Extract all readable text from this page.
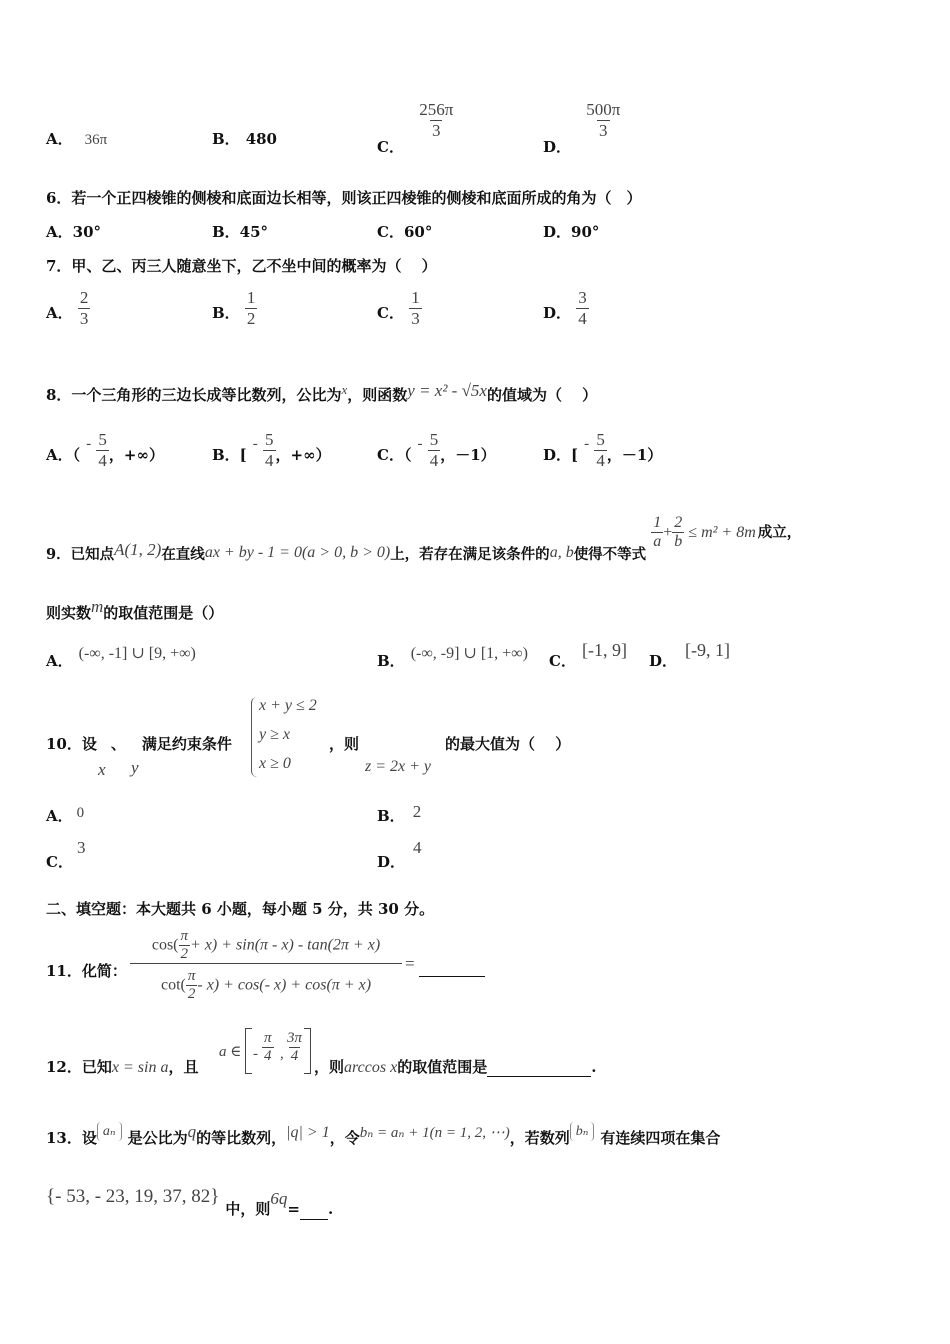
A． 36π	B． 480	C．
$\frac{256\pi}{3}$
D．
$\frac{500\pi}{3}$
6．若一个正四棱锥的侧棱和底面边长相等，则该正四棱锥的侧棱和底面所成的角为（　）
A．30°	B．45°	C．60°	D．90°
7．甲、乙、丙三人随意坐下，乙不坐中间的概率为（　 ）
A． $\frac{2}{3}$	B． $\frac{1}{2}$	C． $\frac{1}{3}$	D． $\frac{3}{4}$
8．一个三角形的三边长成等比数列，公比为x，则函数y = x² - √5x的值域为（　 ）
A．（- $\frac{5}{4}$ ，+∞）	B．[- $\frac{5}{4}$ ，+∞）	C．（- $\frac{5}{4}$ ，－1）	D．[- $\frac{5}{4}$ ，－1）
9．已知点A(1, 2)在直线ax + by - 1 = 0(a > 0, b > 0)上，若存在满足该条件的a, b使得不等式
$\frac{1}{a} + \frac{2}{b} \le m^2 + 8m$ 成立，
则实数m的取值范围是（）
A． (-∞, -1] ∪ [9, +∞)	B． (-∞, -9] ∪ [1, +∞) C．[-1, 9]
D．[-9, 1]
10．设 、 满足约束条件
x y
x + y ≤ 2
y ≥ x
x ≥ 0
，则
z = 2x + y
的最大值为（　 ）
A． 0	B． 2
C．3
D．4
二、填空题：本大题共 6 小题，每小题 5 分，共 30 分。
11．化简：
$\cos( \frac{\pi}{2} + x) + \sin(\pi - x) - \tan(2\pi + x)$
$\cot( \frac{\pi}{2} - x) + \cos(-$ x) + cos(π + x)
=
12．已知x = sin a，且
a ∈ - $\frac{\pi}{4}$ , $\frac{3\pi}{4}$
，则arccos x的取值范围是	.
13．设 aₙ 是公比为q的等比数列，|q| > 1，令bₙ = aₙ + 1(n = 1, 2, ⋯)，若数列 bₙ 有连续四项在集合
{- 53, - 23, 19, 37, 82}中，则6q= .
